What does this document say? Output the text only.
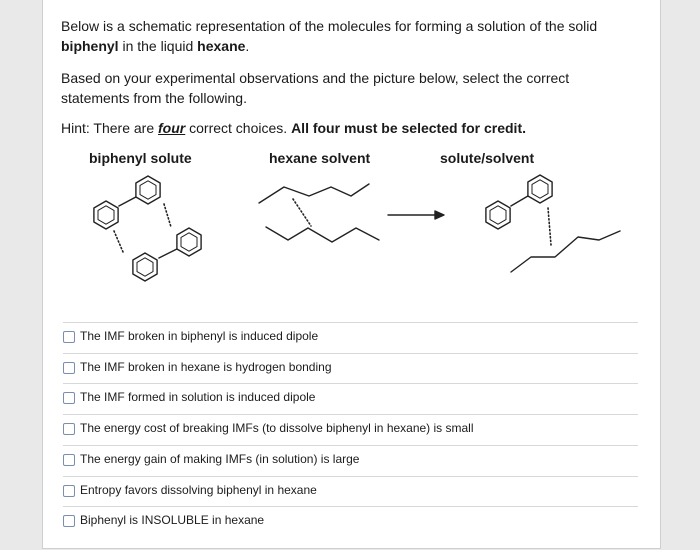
Below is a schematic representation of the molecules for forming a solution of the solid biphenyl in the liquid hexane.

Based on your experimental observations and the picture below, select the correct statements from the following.

Hint: There are four correct choices. All four must be selected for credit.

biphenyl solute	hexane solvent	solute/solvent
The IMF broken in biphenyl is induced dipole
The IMF broken in hexane is hydrogen bonding
The IMF formed in solution is induced dipole
The energy cost of breaking IMFs (to dissolve biphenyl in hexane) is small
The energy gain of making IMFs (in solution) is large
Entropy favors dissolving biphenyl in hexane
Biphenyl is INSOLUBLE in hexane
